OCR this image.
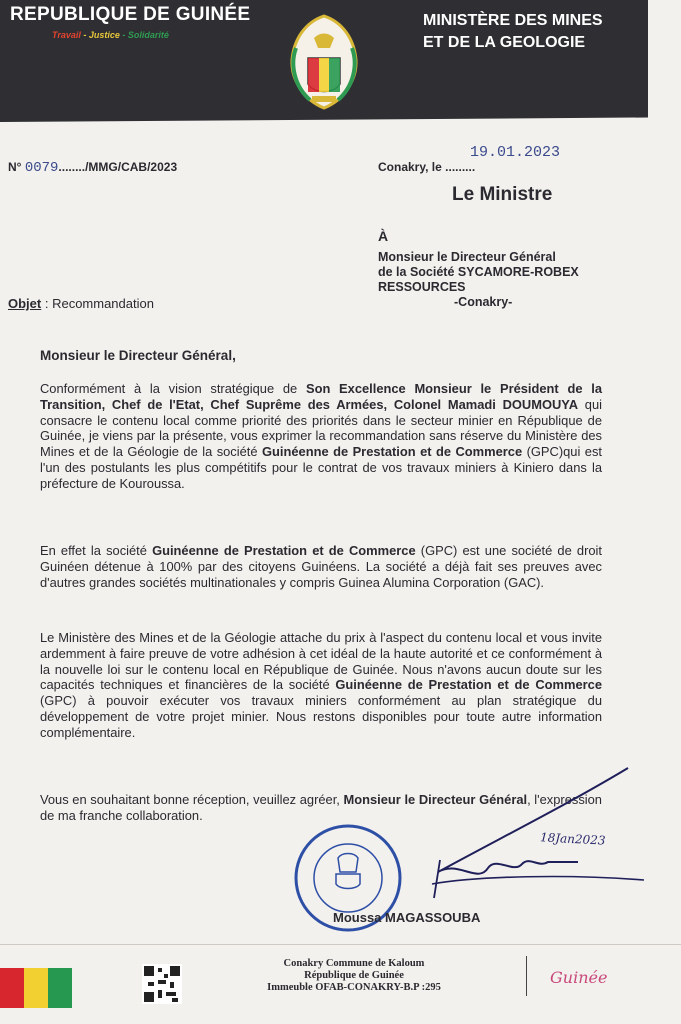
REPUBLIQUE DE GUINÉE
Travail - Justice - Solidarité
MINISTÈRE DES MINES
ET DE LA GEOLOGIE
N° 0079......../MMG/CAB/2023	Conakry, le .........
19.01.2023
Le Ministre
À
Monsieur le Directeur Général
de la Société SYCAMORE-ROBEX
RESSOURCES
-Conakry-
Objet : Recommandation
Monsieur le Directeur Général,
Conformément à la vision stratégique de Son Excellence Monsieur le Président de la Transition, Chef de l'Etat, Chef Suprême des Armées, Colonel Mamadi DOUMOUYA qui consacre le contenu local comme priorité des priorités dans le secteur minier en République de Guinée, je viens par la présente, vous exprimer la recommandation sans réserve du Ministère des Mines et de la Géologie de la société Guinéenne de Prestation et de Commerce (GPC)qui est l'un des postulants les plus compétitifs pour le contrat de vos travaux miniers à Kiniero dans la préfecture de Kouroussa.
En effet la société Guinéenne de Prestation et de Commerce (GPC) est une société de droit Guinéen détenue à 100% par des citoyens Guinéens. La société a déjà fait ses preuves avec d'autres grandes sociétés multinationales y compris Guinea Alumina Corporation (GAC).
Le Ministère des Mines et de la Géologie attache du prix à l'aspect du contenu local et vous invite ardemment à faire preuve de votre adhésion à cet idéal de la haute autorité et ce conformément à la nouvelle loi sur le contenu local en République de Guinée. Nous n'avons aucun doute sur les capacités techniques et financières de la société Guinéenne de Prestation et de Commerce (GPC) à pouvoir exécuter vos travaux miniers conformément au plan stratégique du développement de votre projet minier. Nous restons disponibles pour toute autre information complémentaire.
Vous en souhaitant bonne réception, veuillez agréer, Monsieur le Directeur Général, l'expression de ma franche collaboration.
18Jan2023
Moussa MAGASSOUBA
Conakry Commune de Kaloum
République de Guinée
Immeuble OFAB-CONAKRY-B.P :295
Guinée
